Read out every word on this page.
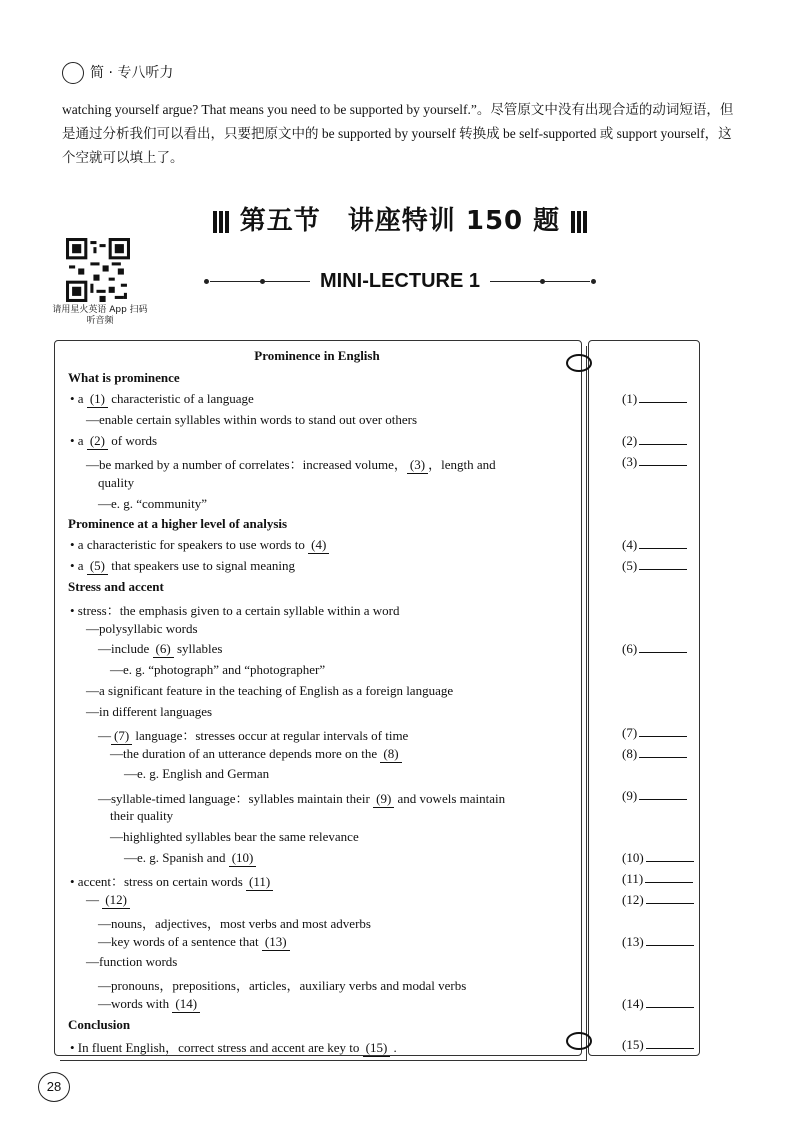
简 · 专八听力
watching yourself argue? That means you need to be supported by yourself.”。尽管原文中没有出现合适的动词短语，但是通过分析我们可以看出，只要把原文中的 be supported by yourself 转换成 be self-supported 或 support yourself，这个空就可以填上了。
第五节　讲座特训 150 题
请用星火英语 App 扫码听音频
MINI-LECTURE 1
Prominence in English
What is prominence
(1)
• a (1) characteristic of a language
—enable certain syllables within words to stand out over others
(2)
• a (2) of words
(3)
—be marked by a number of correlates：increased volume， (3) ，length and
quality
—e. g. “community”
Prominence at a higher level of analysis
(4)
• a characteristic for speakers to use words to (4)
(5)
• a (5) that speakers use to signal meaning
Stress and accent
• stress：the emphasis given to a certain syllable within a word
—polysyllabic words
(6)
—include (6) syllables
—e. g. “photograph” and “photographer”
—a significant feature in the teaching of English as a foreign language
—in different languages
(7)
— (7) language：stresses occur at regular intervals of time
(8)
—the duration of an utterance depends more on the (8)
—e. g. English and German
(9)
—syllable-timed language：syllables maintain their (9) and vowels maintain
their quality
—highlighted syllables bear the same relevance
(10)
—e. g. Spanish and (10)
(11)
• accent：stress on certain words (11)
(12)
— (12)
—nouns，adjectives，most verbs and most adverbs
(13)
—key words of a sentence that (13)
—function words
—pronouns，prepositions，articles，auxiliary verbs and modal verbs
(14)
—words with (14)
Conclusion
(15)
• In fluent English，correct stress and accent are key to (15) .
28
